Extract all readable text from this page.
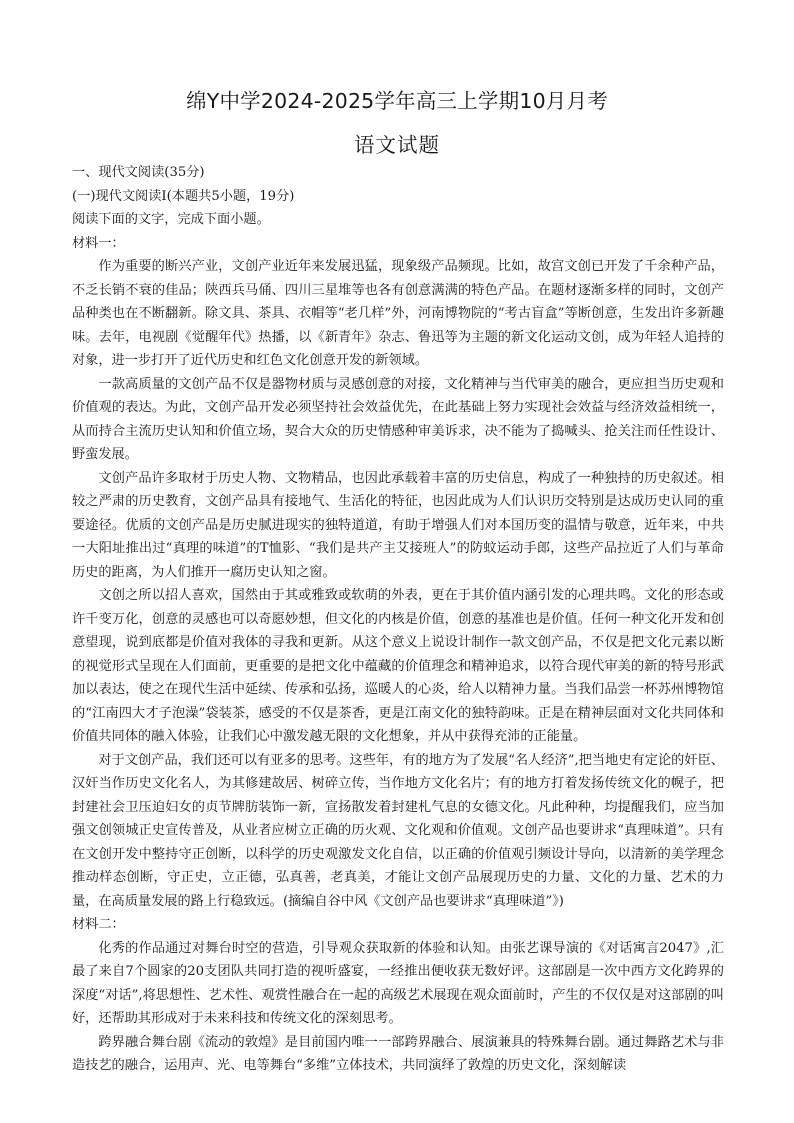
绵Y中学2024-2025学年高三上学期10月月考
语文试题

一、现代文阅读(35分)

(一)现代文阅读I(本题共5小题，19分)

阅读下面的文字，完成下面小题。

材料一：

作为重要的断兴产业，文创产业近年来发展迅猛，现象级产品频现。比如，故宫文创已开发了千余种产品，不乏长销不衰的佳品；陕西兵马俑、四川三星堆等也各有创意满满的特色产品。在题材逐渐多样的同时，文创产品种类也在不断翻新。除文具、茶具、衣帽等“老几样”外，河南博物院的“考古盲盒”等断创意，生发出许多新趣味。去年，电视剧《觉醒年代》热播，以《新青年》杂志、鲁迅等为主题的新文化运动文创，成为年轻人追持的对象，进一步打开了近代历史和红色文化创意开发的新领域。

一款高质量的文创产品不仅是器物材质与灵感创意的对接，文化精神与当代审美的融合，更应担当历史观和价值观的表达。为此，文创产品开发必须坚持社会效益优先，在此基础上努力实现社会效益与经济效益相统一，从而持合主流历史认知和价值立场，契合大众的历史情感种审美诉求，决不能为了捣喊头、抢关注而任性设计、野蛮发展。

文创产品许多取材于历史人物、文物精品，也因此承载着丰富的历史信息，构成了一种独持的历史叙述。相较之严肃的历史教育，文创产品具有接地气、生活化的特征，也因此成为人们认识历交特别是达成历史认同的重要途径。优质的文创产品是历史腻进现实的独特道道，有助于增强人们对本国历变的温情与敬意，近年来，中共一大阳址推出过“真理的味道”的T恤影、“我们是共产主艾接班人”的防蚊运动手郎，这些产品拉近了人们与革命历史的距离，为人们推开一腐历史认知之窗。

文创之所以招人喜欢，国然由于其或雅致或软萌的外表，更在于其价值内涵引发的心理共鸣。文化的形态或许千变万化，创意的灵感也可以奇愿妙想，但文化的内核是价值，创意的基准也是价值。任何一种文化开发和创意望现，说到底都是价值对我体的寻我和更新。从这个意义上说设计制作一款文创产品，不仅是把文化元素以断的视觉形式呈现在人们面前，更重要的是把文化中蕴藏的价值理念和精神追求，以符合现代审美的新的特号形武加以表达，使之在现代生活中延续、传承和弘扬，巡暖人的心炎，给人以精神力量。当我们品尝一杯苏州博物馆的“江南四大才子泡澡”袋装茶，感受的不仅是茶香，更是江南文化的独特韵味。正是在精神层面对文化共同体和价值共同体的融入体验，让我们心中激发越无限的文化想象，并从中获得充沛的正能量。

对于文创产品，我们还可以有亚多的思考。这些年，有的地方为了发展“名人经济”,把当地史有定论的奸臣、汉奸当作历史文化名人，为其修建故居、树碎立传，当作地方文化名片；有的地方打着发扬传统文化的幌子，把封建社会卫压迫妇女的贞节牌肪装饰一新，宣扬散发着封建札气息的女德文化。凡此种种，均提醒我们，应当加强文创领城正史宣传普及，从业者应树立正确的历火观、文化观和价值观。文创产品也要讲求“真理味道”。只有在文创开发中整持守正创断，以科学的历史观激发文化自信，以正确的价值观引频设计导向，以清新的美学理念推动样态创断，守正史，立正德，弘真善，老真美，才能让文创产品展现历史的力量、文化的力量、艺术的力量，在高质量发展的路上行稳致远。(摘编自谷中风《文创产品也要讲求“真理味道”》)

材料二：

化秀的作品通过对舞台时空的营造，引导观众获取新的体验和认知。由张艺课导演的《对话寓言2047》,汇最了来自7个圆家的20支团队共同打造的视听盛宴，一经推出便收获无数好评。这部剧是一次中西方文化跨界的深度“对话”,将思想性、艺术性、观赏性融合在一起的高级艺术展现在观众面前时，产生的不仅仅是对这部剧的叫好，还帮助其形成对于未来科技和传统文化的深刻思考。

跨界融合舞台剧《流动的敦煌》是目前国内唯一一部跨界融合、展演兼具的特殊舞台剧。通过舞路艺术与非造技艺的融合，运用声、光、电等舞台“多维”立体技术，共同演绎了敦煌的历史文化，深刻解读
